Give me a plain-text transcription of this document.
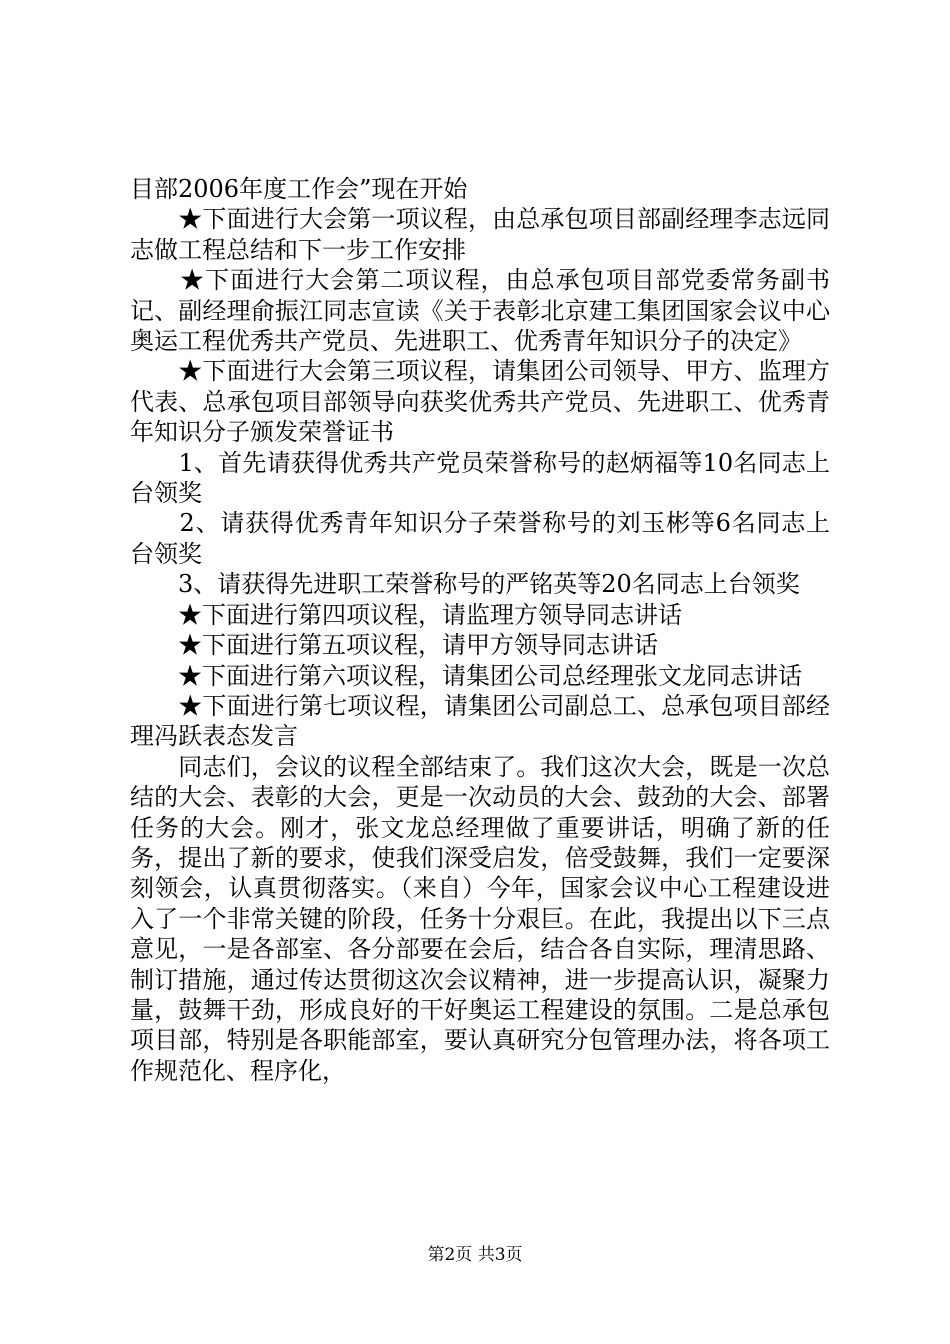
目部2006年度工作会”现在开始

　　★下面进行大会第一项议程，由总承包项目部副经理李志远同志做工程总结和下一步工作安排

　　★下面进行大会第二项议程，由总承包项目部党委常务副书记、副经理俞振江同志宣读《关于表彰北京建工集团国家会议中心奥运工程优秀共产党员、先进职工、优秀青年知识分子的决定》

　　★下面进行大会第三项议程，请集团公司领导、甲方、监理方代表、总承包项目部领导向获奖优秀共产党员、先进职工、优秀青年知识分子颁发荣誉证书

　　1、首先请获得优秀共产党员荣誉称号的赵炳福等10名同志上台领奖

　　2、请获得优秀青年知识分子荣誉称号的刘玉彬等6名同志上台领奖

　　3、请获得先进职工荣誉称号的严铭英等20名同志上台领奖

　　★下面进行第四项议程，请监理方领导同志讲话

　　★下面进行第五项议程，请甲方领导同志讲话

　　★下面进行第六项议程，请集团公司总经理张文龙同志讲话

　　★下面进行第七项议程，请集团公司副总工、总承包项目部经理冯跃表态发言

　　同志们，会议的议程全部结束了。我们这次大会，既是一次总结的大会、表彰的大会，更是一次动员的大会、鼓劲的大会、部署任务的大会。刚才，张文龙总经理做了重要讲话，明确了新的任务，提出了新的要求，使我们深受启发，倍受鼓舞，我们一定要深刻领会，认真贯彻落实。（来自）今年，国家会议中心工程建设进入了一个非常关键的阶段，任务十分艰巨。在此，我提出以下三点意见，一是各部室、各分部要在会后，结合各自实际，理清思路、制订措施，通过传达贯彻这次会议精神，进一步提高认识，凝聚力量，鼓舞干劲，形成良好的干好奥运工程建设的氛围。二是总承包项目部，特别是各职能部室，要认真研究分包管理办法，将各项工作规范化、程序化，

第2页 共3页
